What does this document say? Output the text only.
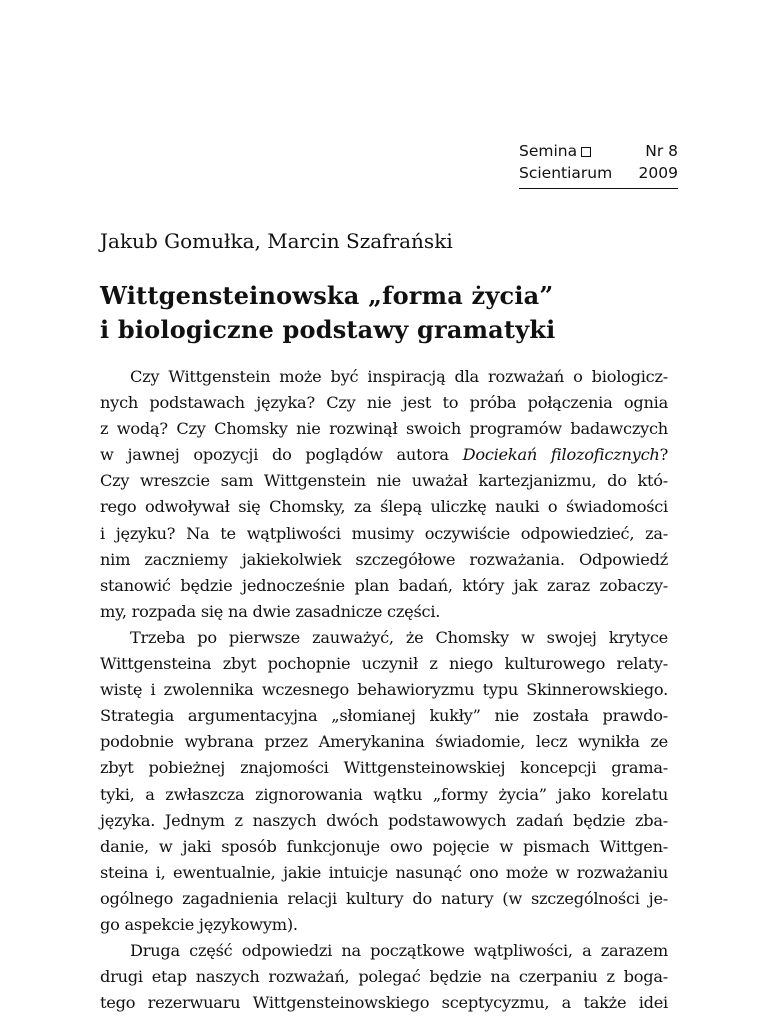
Semina	Nr 8
Scientiarum	2009
Jakub Gomułka, Marcin Szafrański
Wittgensteinowska „forma życia”
i biologiczne podstawy gramatyki
Czy Wittgenstein może być inspiracją dla rozważań o biologicz-
nych podstawach języka? Czy nie jest to próba połączenia ognia
z wodą? Czy Chomsky nie rozwinął swoich programów badawczych
w jawnej opozycji do poglądów autora Dociekań filozoficznych?
Czy wreszcie sam Wittgenstein nie uważał kartezjanizmu, do któ-
rego odwoływał się Chomsky, za ślepą uliczkę nauki o świadomości
i języku? Na te wątpliwości musimy oczywiście odpowiedzieć, za-
nim zaczniemy jakiekolwiek szczegółowe rozważania. Odpowiedź
stanowić będzie jednocześnie plan badań, który jak zaraz zobaczy-
my, rozpada się na dwie zasadnicze części.
Trzeba po pierwsze zauważyć, że Chomsky w swojej krytyce
Wittgensteina zbyt pochopnie uczynił z niego kulturowego relaty-
wistę i zwolennika wczesnego behawioryzmu typu Skinnerowskiego.
Strategia argumentacyjna „słomianej kukły” nie została prawdo-
podobnie wybrana przez Amerykanina świadomie, lecz wynikła ze
zbyt pobieżnej znajomości Wittgensteinowskiej koncepcji grama-
tyki, a zwłaszcza zignorowania wątku „formy życia” jako korelatu
języka. Jednym z naszych dwóch podstawowych zadań będzie zba-
danie, w jaki sposób funkcjonuje owo pojęcie w pismach Wittgen-
steina i, ewentualnie, jakie intuicje nasunąć ono może w rozważaniu
ogólnego zagadnienia relacji kultury do natury (w szczególności je-
go aspekcie językowym).
Druga część odpowiedzi na początkowe wątpliwości, a zarazem
drugi etap naszych rozważań, polegać będzie na czerpaniu z boga-
tego rezerwuaru Wittgensteinowskiego sceptycyzmu, a także idei
